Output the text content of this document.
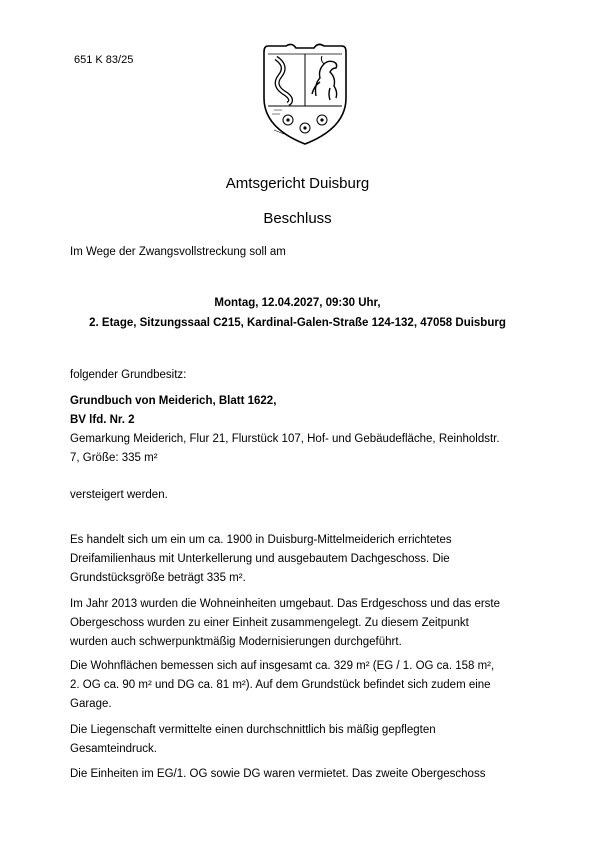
651 K 83/25
Amtsgericht Duisburg
Beschluss
Im Wege der Zwangsvollstreckung soll am
Montag, 12.04.2027, 09:30 Uhr,
2. Etage, Sitzungssaal C215, Kardinal-Galen-Straße 124-132, 47058 Duisburg
folgender Grundbesitz:
Grundbuch von Meiderich, Blatt 1622,
BV lfd. Nr. 2
Gemarkung Meiderich, Flur 21, Flurstück 107, Hof- und Gebäudefläche, Reinholdstr.
7, Größe: 335 m²
versteigert werden.

Es handelt sich um ein um ca. 1900 in Duisburg-Mittelmeiderich errichtetes

Dreifamilienhaus mit Unterkellerung und ausgebautem Dachgeschoss. Die

Grundstücksgröße beträgt 335 m².

Im Jahr 2013 wurden die Wohneinheiten umgebaut. Das Erdgeschoss und das erste

Obergeschoss wurden zu einer Einheit zusammengelegt. Zu diesem Zeitpunkt

wurden auch schwerpunktmäßig Modernisierungen durchgeführt.

Die Wohnflächen bemessen sich auf insgesamt ca. 329 m² (EG / 1. OG ca. 158 m²,

2. OG ca. 90 m² und DG ca. 81 m²). Auf dem Grundstück befindet sich zudem eine

Garage.

Die Liegenschaft vermittelte einen durchschnittlich bis mäßig gepflegten

Gesamteindruck.

Die Einheiten im EG/1. OG sowie DG waren vermietet. Das zweite Obergeschoss
